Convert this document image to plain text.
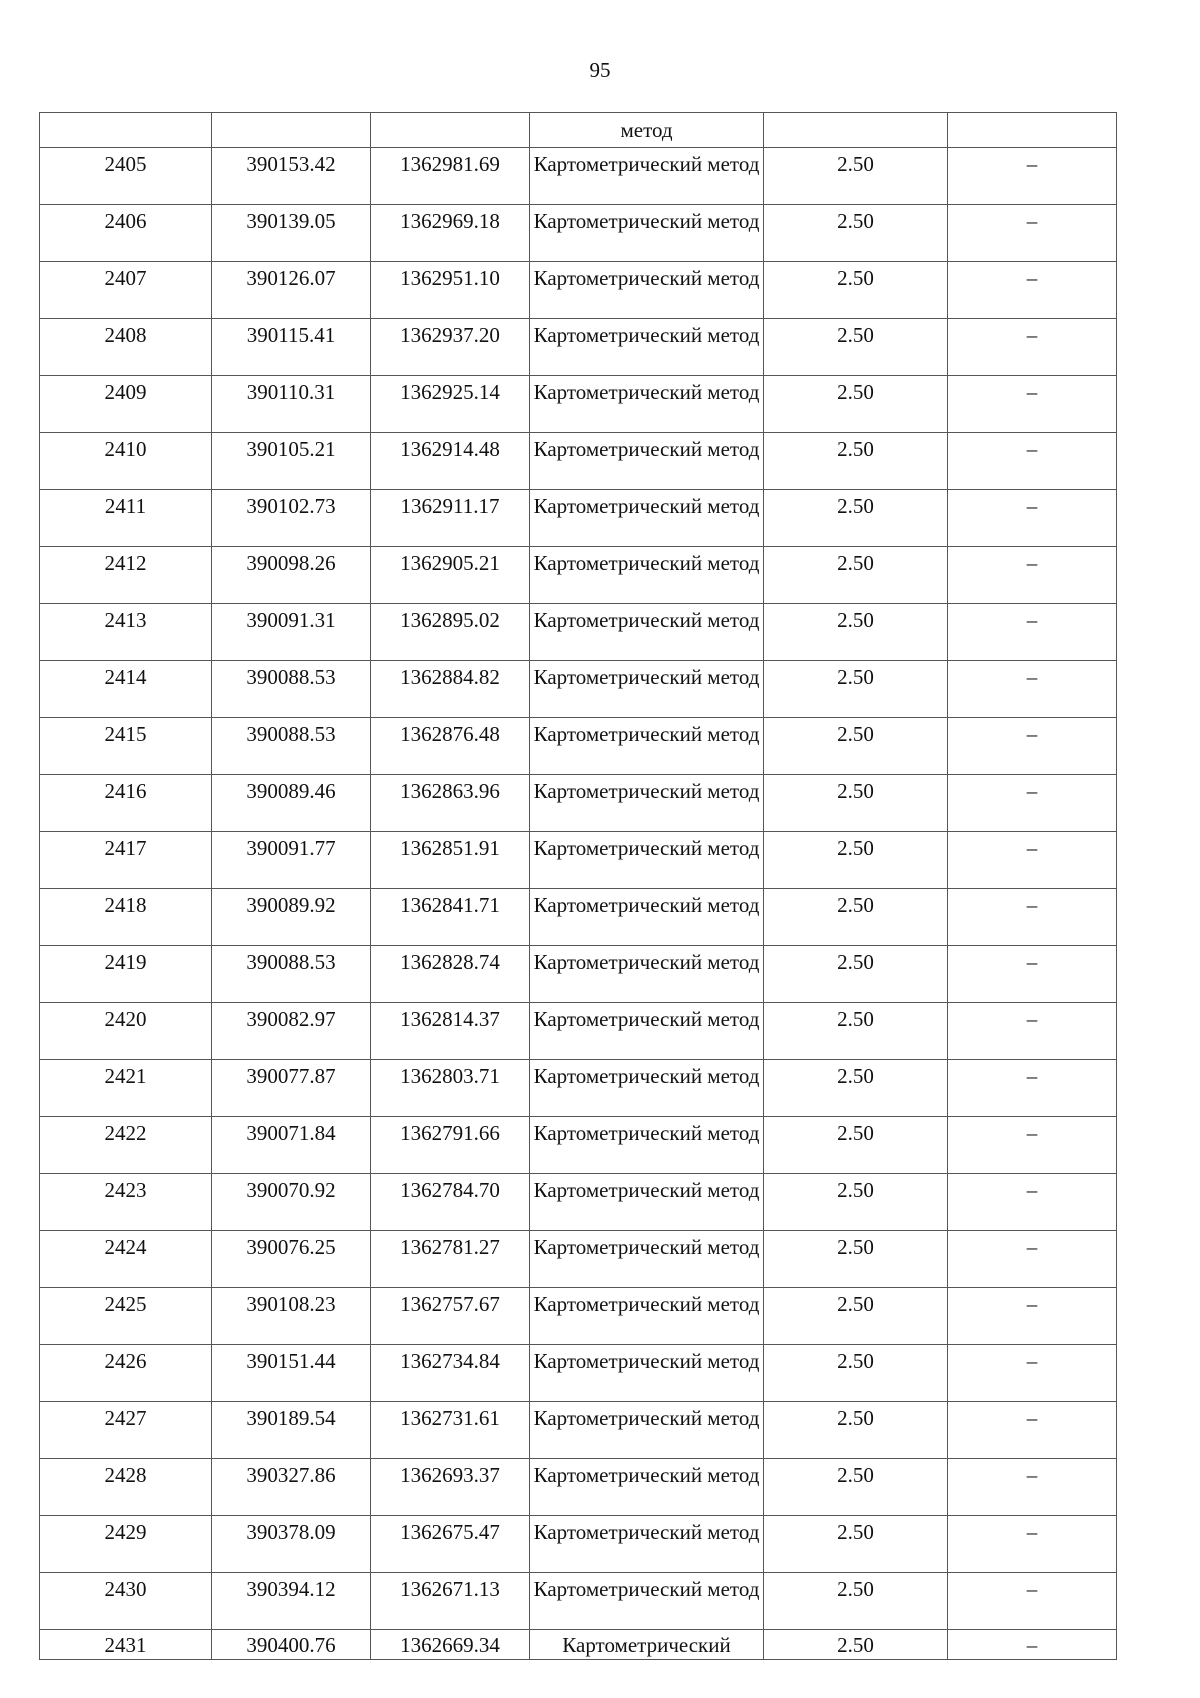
95
			метод		

2405	390153.42	1362981.69	Картометрический метод	2.50	–

2406	390139.05	1362969.18	Картометрический метод	2.50	–

2407	390126.07	1362951.10	Картометрический метод	2.50	–

2408	390115.41	1362937.20	Картометрический метод	2.50	–

2409	390110.31	1362925.14	Картометрический метод	2.50	–

2410	390105.21	1362914.48	Картометрический метод	2.50	–

2411	390102.73	1362911.17	Картометрический метод	2.50	–

2412	390098.26	1362905.21	Картометрический метод	2.50	–

2413	390091.31	1362895.02	Картометрический метод	2.50	–

2414	390088.53	1362884.82	Картометрический метод	2.50	–

2415	390088.53	1362876.48	Картометрический метод	2.50	–

2416	390089.46	1362863.96	Картометрический метод	2.50	–

2417	390091.77	1362851.91	Картометрический метод	2.50	–

2418	390089.92	1362841.71	Картометрический метод	2.50	–

2419	390088.53	1362828.74	Картометрический метод	2.50	–

2420	390082.97	1362814.37	Картометрический метод	2.50	–

2421	390077.87	1362803.71	Картометрический метод	2.50	–

2422	390071.84	1362791.66	Картометрический метод	2.50	–

2423	390070.92	1362784.70	Картометрический метод	2.50	–

2424	390076.25	1362781.27	Картометрический метод	2.50	–

2425	390108.23	1362757.67	Картометрический метод	2.50	–

2426	390151.44	1362734.84	Картометрический метод	2.50	–

2427	390189.54	1362731.61	Картометрический метод	2.50	–

2428	390327.86	1362693.37	Картометрический метод	2.50	–

2429	390378.09	1362675.47	Картометрический метод	2.50	–

2430	390394.12	1362671.13	Картометрический метод	2.50	–

2431	390400.76	1362669.34	Картометрический	2.50	–
